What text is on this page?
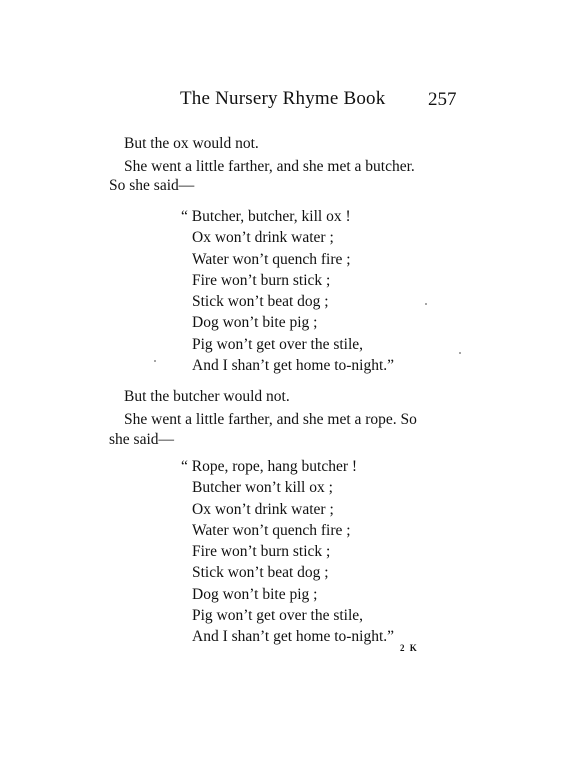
The Nursery Rhyme Book 257
But the ox would not.
She went a little farther, and she met a butcher.
So she said—
“ Butcher, butcher, kill ox !
Ox won’t drink water ;
Water won’t quench fire ;
Fire won’t burn stick ;
Stick won’t beat dog ;
Dog won’t bite pig ;
Pig won’t get over the stile,
And I shan’t get home to-night.”
But the butcher would not.
She went a little farther, and she met a rope. So
she said—
“ Rope, rope, hang butcher !
Butcher won’t kill ox ;
Ox won’t drink water ;
Water won’t quench fire ;
Fire won’t burn stick ;
Stick won’t beat dog ;
Dog won’t bite pig ;
Pig won’t get over the stile,
And I shan’t get home to-night.”
2 K
